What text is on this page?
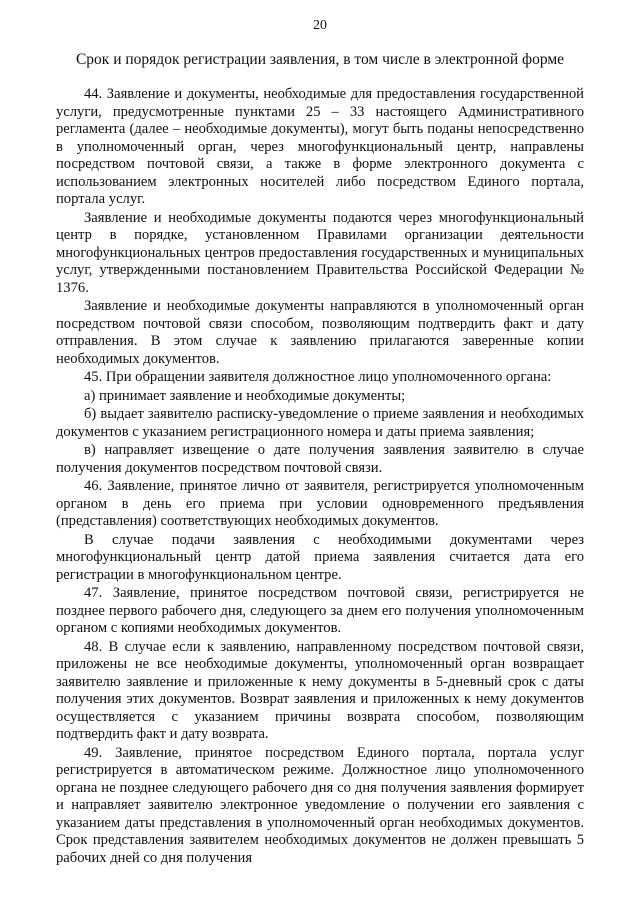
20
Срок и порядок регистрации заявления, в том числе в электронной форме

44. Заявление и документы, необходимые для предоставления государственной услуги, предусмотренные пунктами 25 – 33 настоящего Административного регламента (далее – необходимые документы), могут быть поданы непосредственно в уполномоченный орган, через многофункциональный центр, направлены посредством почтовой связи, а также в форме электронного документа с использованием электронных носителей либо посредством Единого портала, портала услуг.

Заявление и необходимые документы подаются через многофункциональный центр в порядке, установленном Правилами организации деятельности многофункциональных центров предоставления государственных и муниципальных услуг, утвержденными постановлением Правительства Российской Федерации № 1376.

Заявление и необходимые документы направляются в уполномоченный орган посредством почтовой связи способом, позволяющим подтвердить факт и дату отправления. В этом случае к заявлению прилагаются заверенные копии необходимых документов.

45. При обращении заявителя должностное лицо уполномоченного органа:

а) принимает заявление и необходимые документы;

б) выдает заявителю расписку-уведомление о приеме заявления и необходимых документов с указанием регистрационного номера и даты приема заявления;

в) направляет извещение о дате получения заявления заявителю в случае получения документов посредством почтовой связи.

46. Заявление, принятое лично от заявителя, регистрируется уполномоченным органом в день его приема при условии одновременного предъявления (представления) соответствующих необходимых документов.

В случае подачи заявления с необходимыми документами через многофункциональный центр датой приема заявления считается дата его регистрации в многофункциональном центре.

47. Заявление, принятое посредством почтовой связи, регистрируется не позднее первого рабочего дня, следующего за днем его получения уполномоченным органом с копиями необходимых документов.

48. В случае если к заявлению, направленному посредством почтовой связи, приложены не все необходимые документы, уполномоченный орган возвращает заявителю заявление и приложенные к нему документы в 5-дневный срок с даты получения этих документов. Возврат заявления и приложенных к нему документов осуществляется с указанием причины возврата способом, позволяющим подтвердить факт и дату возврата.

49. Заявление, принятое посредством Единого портала, портала услуг регистрируется в автоматическом режиме. Должностное лицо уполномоченного органа не позднее следующего рабочего дня со дня получения заявления формирует и направляет заявителю электронное уведомление о получении его заявления с указанием даты представления в уполномоченный орган необходимых документов. Срок представления заявителем необходимых документов не должен превышать 5 рабочих дней со дня получения
